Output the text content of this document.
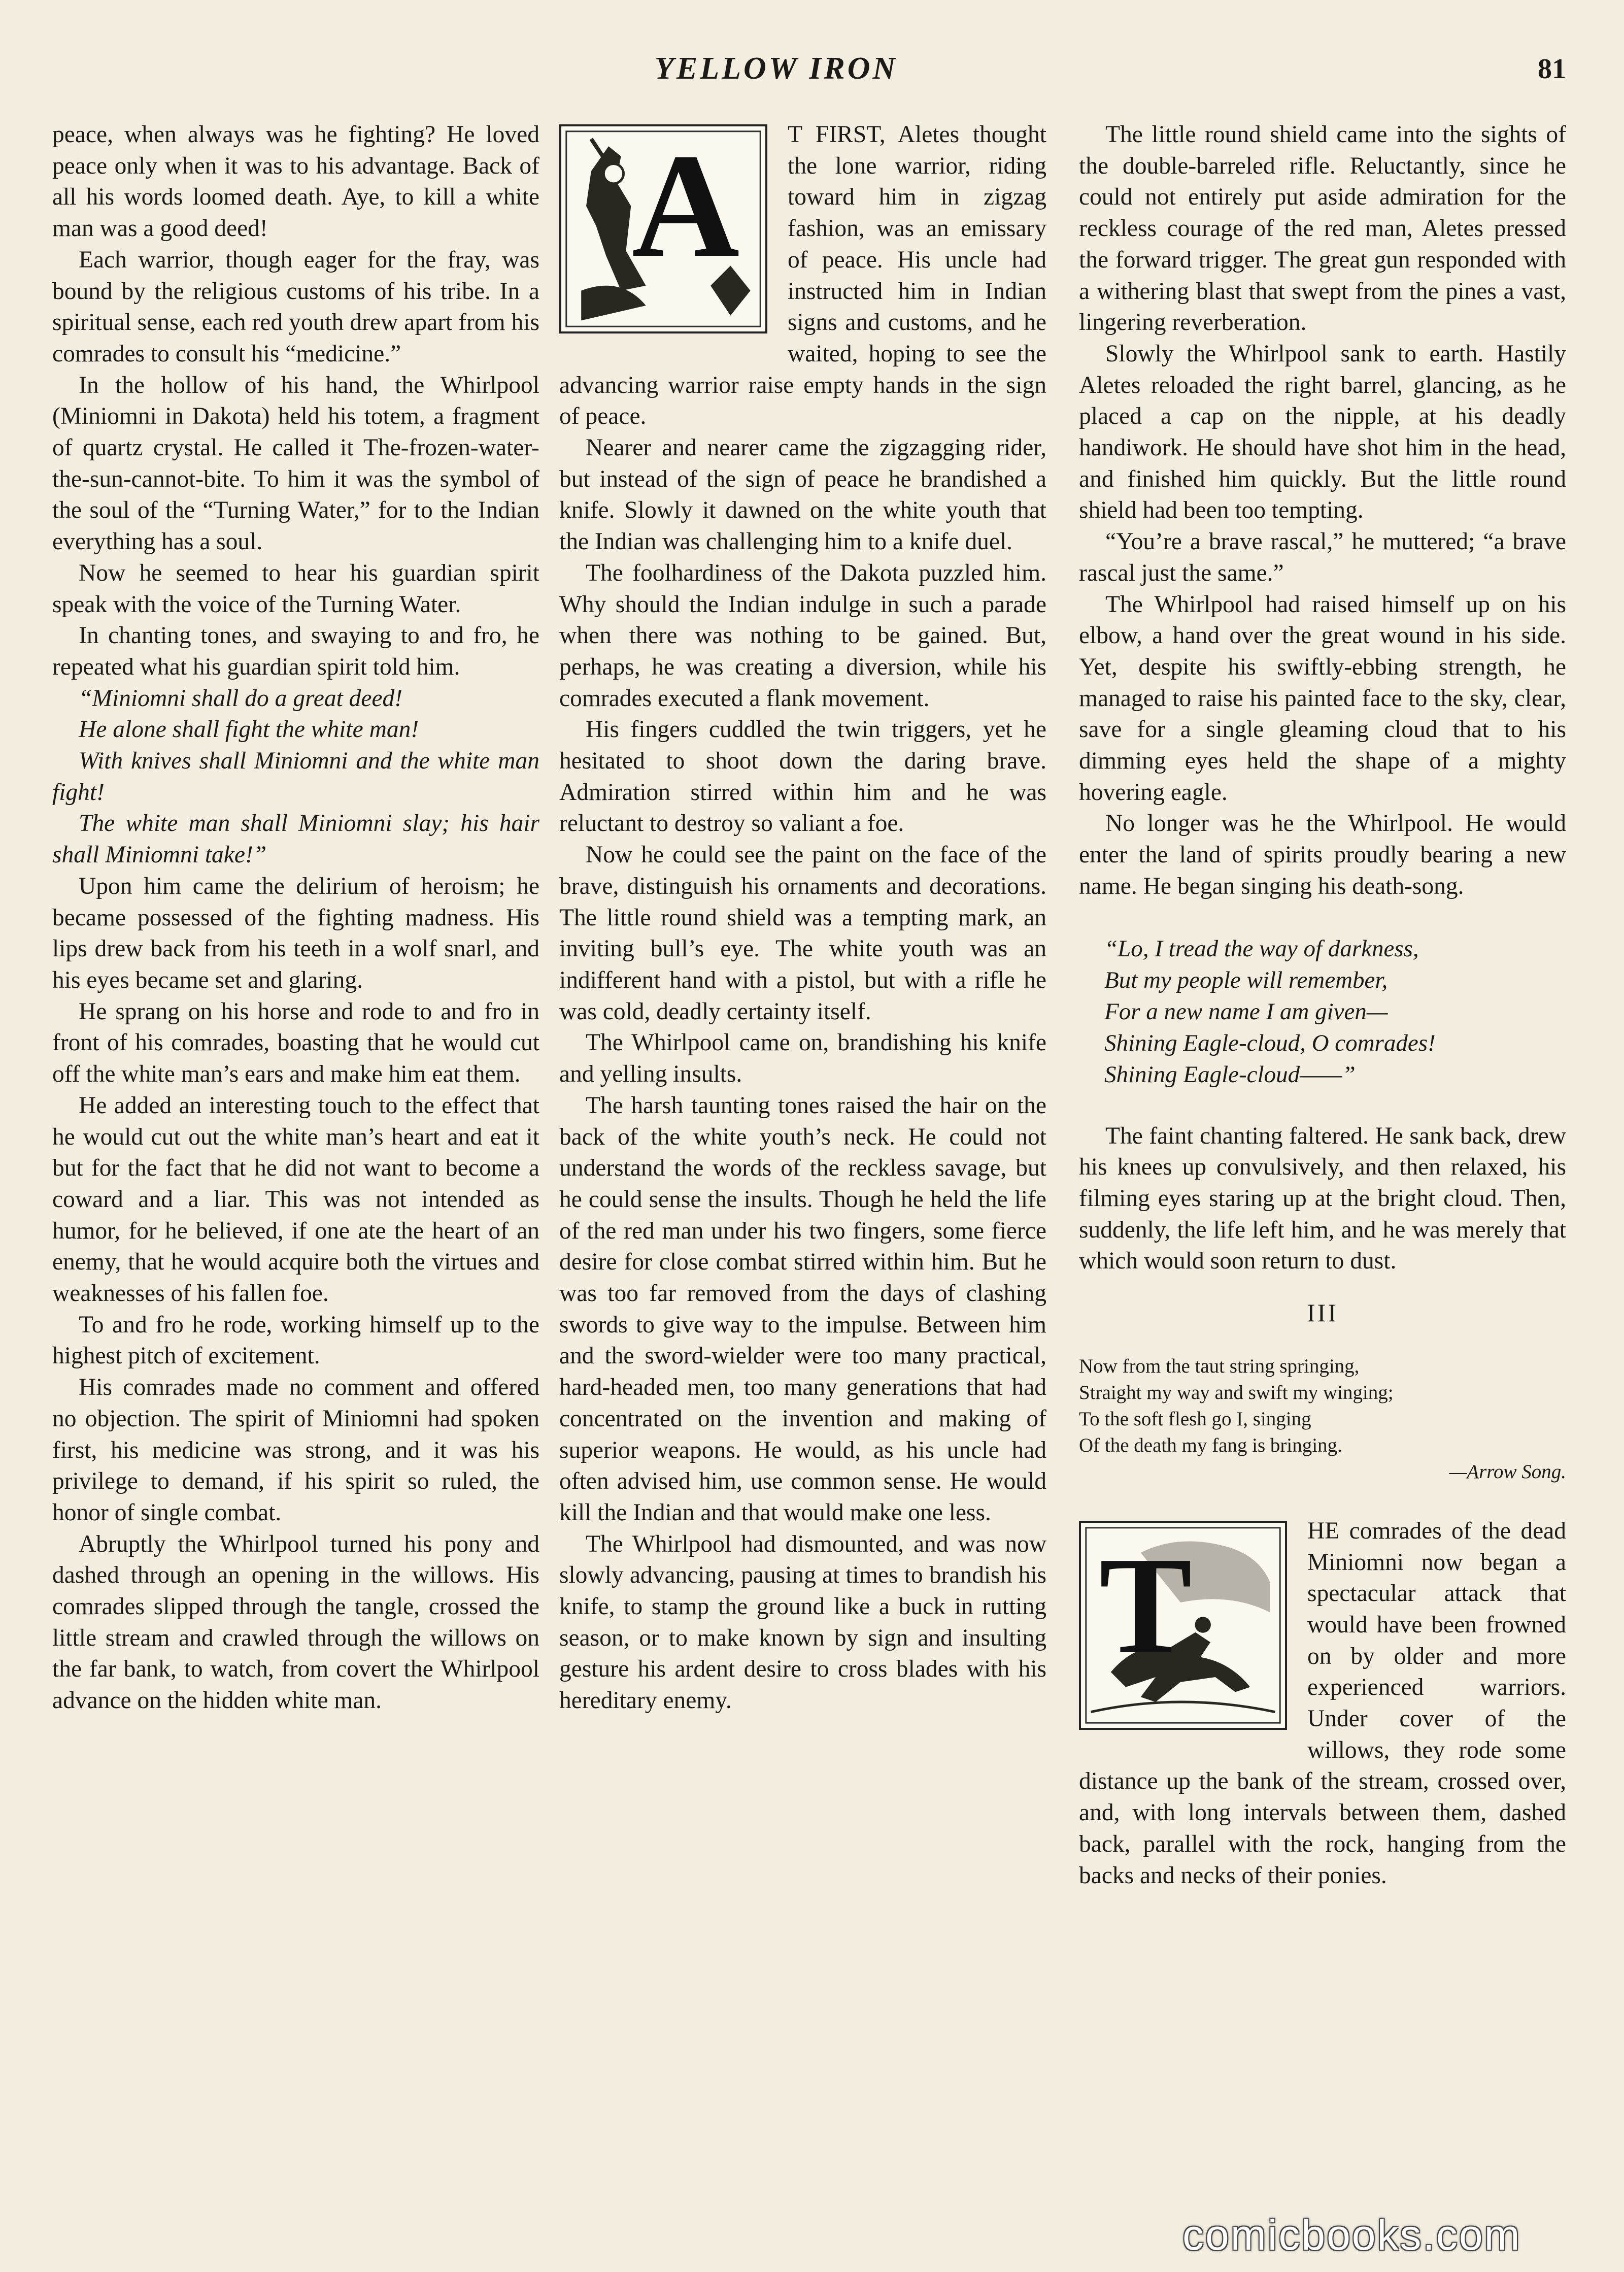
YELLOW IRON	81

peace, when always was he fighting? He loved peace only when it was to his advantage. Back of all his words loomed death. Aye, to kill a white man was a good deed!

Each warrior, though eager for the fray, was bound by the religious customs of his tribe. In a spiritual sense, each red youth drew apart from his comrades to consult his “medicine.”

In the hollow of his hand, the Whirlpool (Miniomni in Dakota) held his totem, a fragment of quartz crystal. He called it The-frozen-water-the-sun-cannot-bite. To him it was the symbol of the soul of the “Turning Water,” for to the Indian everything has a soul.

Now he seemed to hear his guardian spirit speak with the voice of the Turning Water.

In chanting tones, and swaying to and fro, he repeated what his guardian spirit told him.

“Miniomni shall do a great deed!

He alone shall fight the white man!

With knives shall Miniomni and the white man fight!

The white man shall Miniomni slay; his hair shall Miniomni take!”

Upon him came the delirium of heroism; he became possessed of the fighting madness. His lips drew back from his teeth in a wolf snarl, and his eyes became set and glaring.

He sprang on his horse and rode to and fro in front of his comrades, boasting that he would cut off the white man’s ears and make him eat them.

He added an interesting touch to the effect that he would cut out the white man’s heart and eat it but for the fact that he did not want to become a coward and a liar. This was not intended as humor, for he believed, if one ate the heart of an enemy, that he would acquire both the virtues and weaknesses of his fallen foe.

To and fro he rode, working himself up to the highest pitch of excitement.

His comrades made no comment and offered no objection. The spirit of Miniomni had spoken first, his medicine was strong, and it was his privilege to demand, if his spirit so ruled, the honor of single combat.

Abruptly the Whirlpool turned his pony and dashed through an opening in the willows. His comrades slipped through the tangle, crossed the little stream and crawled through the willows on the far bank, to watch, from covert the Whirlpool advance on the hidden white man.

A	T FIRST, Aletes thought the lone warrior, riding toward him in zigzag fashion, was an emissary of peace. His uncle had instructed him in Indian signs and customs, and he waited, hoping to see the advancing warrior raise empty hands in the sign of peace.

Nearer and nearer came the zigzagging rider, but instead of the sign of peace he brandished a knife. Slowly it dawned on the white youth that the Indian was challenging him to a knife duel.

The foolhardiness of the Dakota puzzled him. Why should the Indian indulge in such a parade when there was nothing to be gained. But, perhaps, he was creating a diversion, while his comrades executed a flank movement.

His fingers cuddled the twin triggers, yet he hesitated to shoot down the daring brave. Admiration stirred within him and he was reluctant to destroy so valiant a foe.

Now he could see the paint on the face of the brave, distinguish his ornaments and decorations. The little round shield was a tempting mark, an inviting bull’s eye. The white youth was an indifferent hand with a pistol, but with a rifle he was cold, deadly certainty itself.

The Whirlpool came on, brandishing his knife and yelling insults.

The harsh taunting tones raised the hair on the back of the white youth’s neck. He could not understand the words of the reckless savage, but he could sense the insults. Though he held the life of the red man under his two fingers, some fierce desire for close combat stirred within him. But he was too far removed from the days of clashing swords to give way to the impulse. Between him and the sword-wielder were too many practical, hard-headed men, too many generations that had concentrated on the invention and making of superior weapons. He would, as his uncle had often advised him, use common sense. He would kill the Indian and that would make one less.

The Whirlpool had dismounted, and was now slowly advancing, pausing at times to brandish his knife, to stamp the ground like a buck in rutting season, or to make known by sign and insulting gesture his ardent desire to cross blades with his hereditary enemy.

The little round shield came into the sights of the double-barreled rifle. Reluctantly, since he could not entirely put aside admiration for the reckless courage of the red man, Aletes pressed the forward trigger. The great gun responded with a withering blast that swept from the pines a vast, lingering reverberation.

Slowly the Whirlpool sank to earth. Hastily Aletes reloaded the right barrel, glancing, as he placed a cap on the nipple, at his deadly handiwork. He should have shot him in the head, and finished him quickly. But the little round shield had been too tempting.

“You’re a brave rascal,” he muttered; “a brave rascal just the same.”

The Whirlpool had raised himself up on his elbow, a hand over the great wound in his side. Yet, despite his swiftly-ebbing strength, he managed to raise his painted face to the sky, clear, save for a single gleaming cloud that to his dimming eyes held the shape of a mighty hovering eagle.

No longer was he the Whirlpool. He would enter the land of spirits proudly bearing a new name. He began singing his death-song.

“Lo, I tread the way of darkness,
But my people will remember,
For a new name I am given—
Shining Eagle-cloud, O comrades!
Shining Eagle-cloud——”

The faint chanting faltered. He sank back, drew his knees up convulsively, and then relaxed, his filming eyes staring up at the bright cloud. Then, suddenly, the life left him, and he was merely that which would soon return to dust.

III
Now from the taut string springing,
Straight my way and swift my winging;
To the soft flesh go I, singing
Of the death my fang is bringing.
—Arrow Song.
T	HE comrades of the dead Miniomni now began a spectacular attack that would have been frowned on by older and more experienced warriors. Under cover of the willows, they rode some distance up the bank of the stream, crossed over, and, with long intervals between them, dashed back, parallel with the rock, hanging from the backs and necks of their ponies.

comicbooks.com
